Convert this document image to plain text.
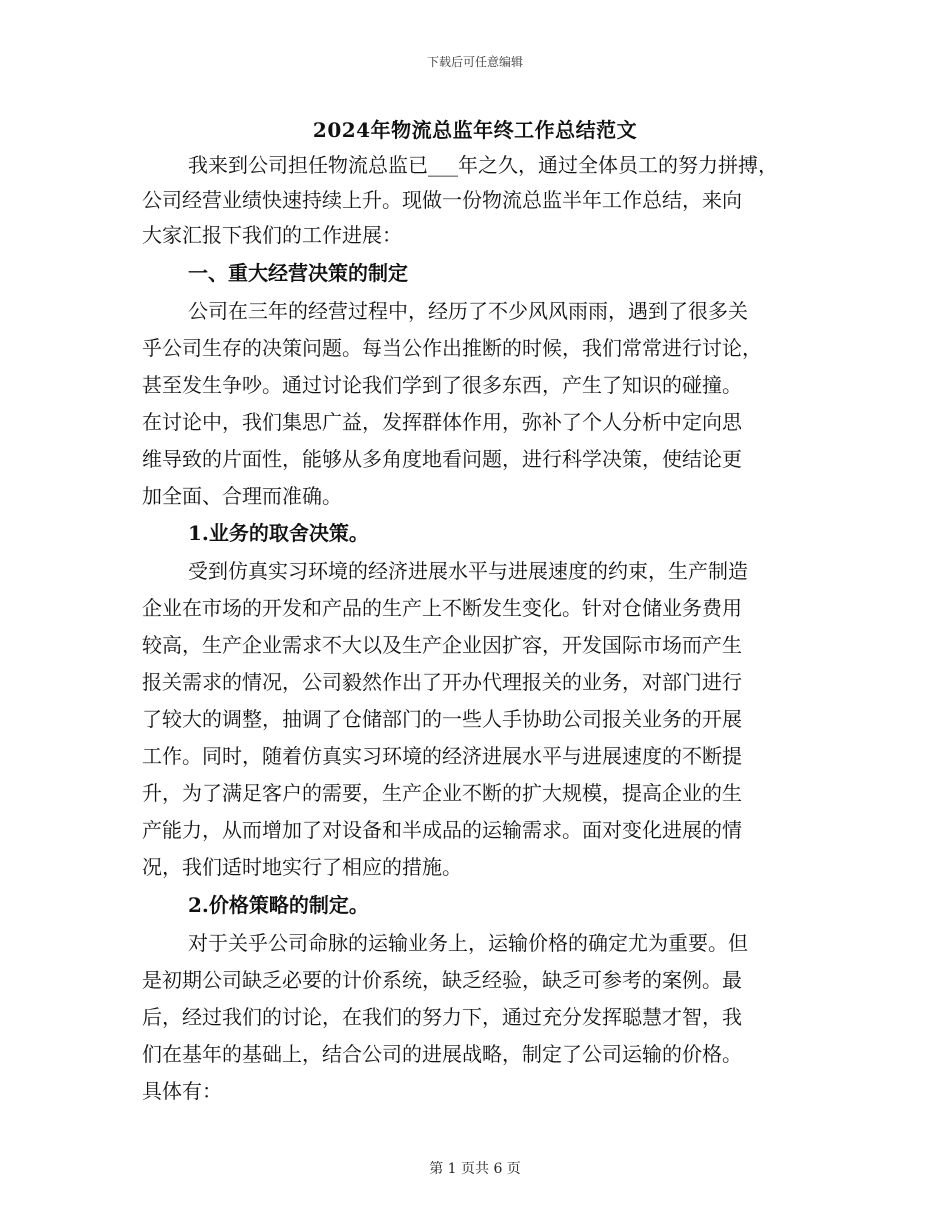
下载后可任意编辑
2024年物流总监年终工作总结范文
我来到公司担任物流总监已___年之久，通过全体员工的努力拼搏，
公司经营业绩快速持续上升。现做一份物流总监半年工作总结，来向
大家汇报下我们的工作进展：
一、重大经营决策的制定
公司在三年的经营过程中，经历了不少风风雨雨，遇到了很多关
乎公司生存的决策问题。每当公作出推断的时候，我们常常进行讨论，
甚至发生争吵。通过讨论我们学到了很多东西，产生了知识的碰撞。
在讨论中，我们集思广益，发挥群体作用，弥补了个人分析中定向思
维导致的片面性，能够从多角度地看问题，进行科学决策，使结论更
加全面、合理而准确。
1.业务的取舍决策。
受到仿真实习环境的经济进展水平与进展速度的约束，生产制造
企业在市场的开发和产品的生产上不断发生变化。针对仓储业务费用
较高，生产企业需求不大以及生产企业因扩容，开发国际市场而产生
报关需求的情况，公司毅然作出了开办代理报关的业务，对部门进行
了较大的调整，抽调了仓储部门的一些人手协助公司报关业务的开展
工作。同时，随着仿真实习环境的经济进展水平与进展速度的不断提
升，为了满足客户的需要，生产企业不断的扩大规模，提高企业的生
产能力，从而增加了对设备和半成品的运输需求。面对变化进展的情
况，我们适时地实行了相应的措施。
2.价格策略的制定。
对于关乎公司命脉的运输业务上，运输价格的确定尤为重要。但
是初期公司缺乏必要的计价系统，缺乏经验，缺乏可参考的案例。最
后，经过我们的讨论，在我们的努力下，通过充分发挥聪慧才智，我
们在基年的基础上，结合公司的进展战略，制定了公司运输的价格。
具体有：
第 1 页共 6 页
